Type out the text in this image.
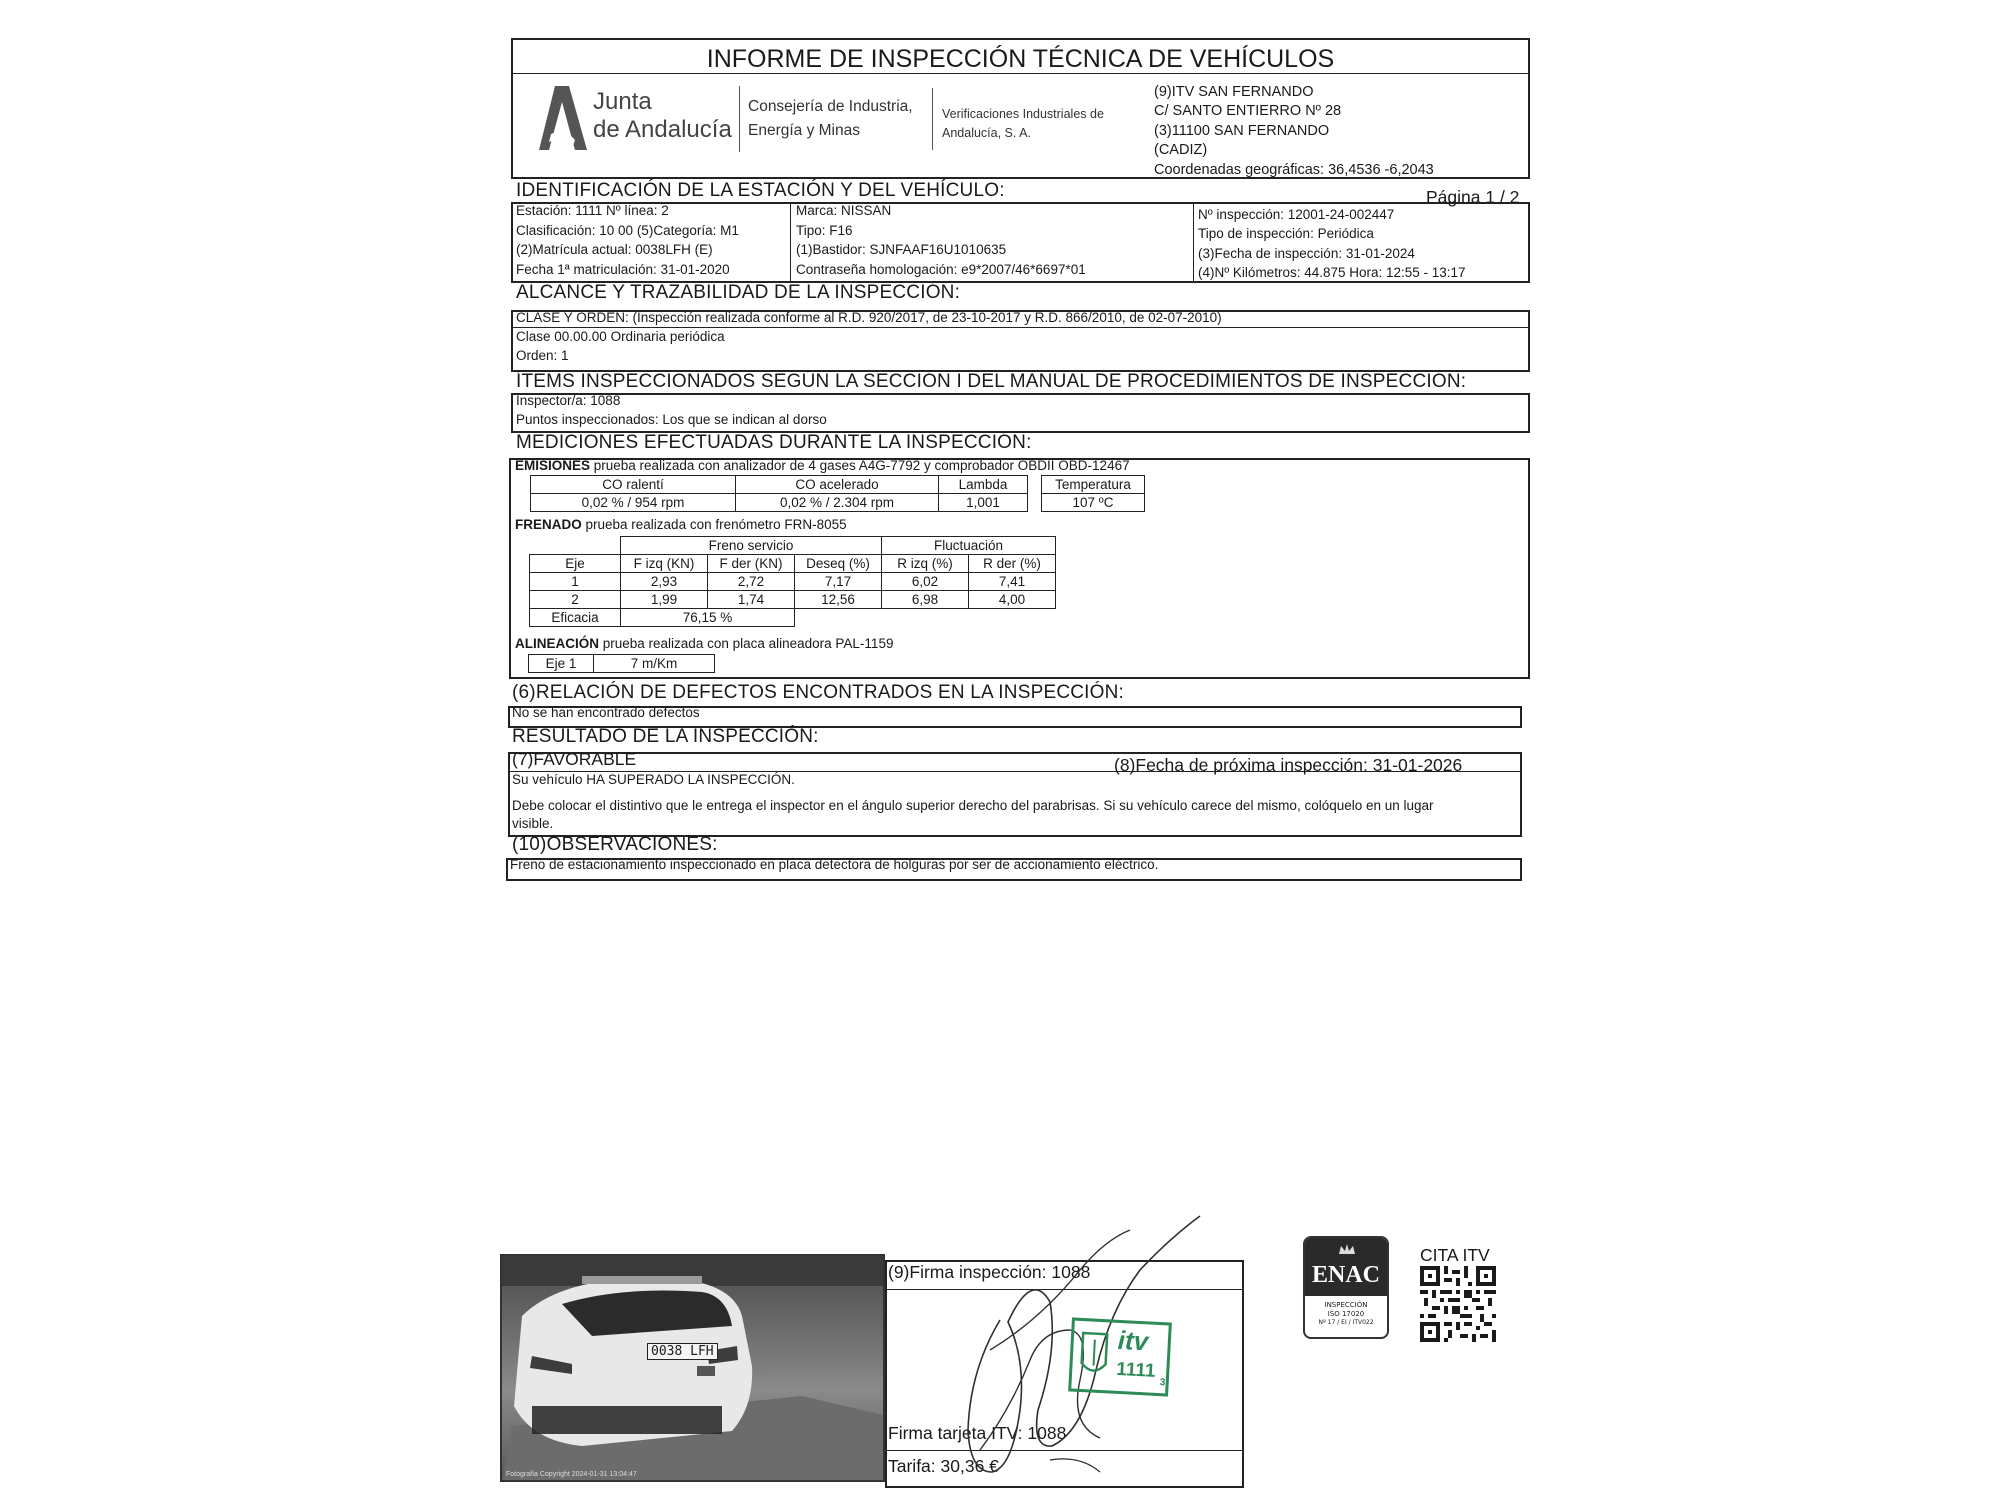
INFORME DE INSPECCIÓN TÉCNICA DE VEHÍCULOS
Junta
de Andalucía
Consejería de Industria,
Energía y Minas
Verificaciones Industriales de
Andalucía, S. A.
(9)ITV SAN FERNANDO
C/ SANTO ENTIERRO Nº 28
(3)11100 SAN FERNANDO
(CADIZ)
Coordenadas geográficas: 36,4536 -6,2043
IDENTIFICACIÓN DE LA ESTACIÓN Y DEL VEHÍCULO:	Página 1 / 2
Estación: 1111 Nº línea: 2
Clasificación: 10 00 (5)Categoría: M1
(2)Matrícula actual: 0038LFH (E)
Fecha 1ª matriculación: 31-01-2020
Marca: NISSAN
Tipo: F16
(1)Bastidor: SJNFAAF16U1010635
Contraseña homologación: e9*2007/46*6697*01
Nº inspección: 12001-24-002447
Tipo de inspección: Periódica
(3)Fecha de inspección: 31-01-2024
(4)Nº Kilómetros: 44.875 Hora: 12:55 - 13:17
ALCANCE Y TRAZABILIDAD DE LA INSPECCIÓN:
CLASE Y ORDEN: (Inspección realizada conforme al R.D. 920/2017, de 23-10-2017 y R.D. 866/2010, de 02-07-2010)
Clase 00.00.00 Ordinaria periódica
Orden: 1
ÍTEMS INSPECCIONADOS SEGÚN LA SECCIÓN I DEL MANUAL DE PROCEDIMIENTOS DE INSPECCIÓN:
Inspector/a: 1088
Puntos inspeccionados: Los que se indican al dorso
MEDICIONES EFECTUADAS DURANTE LA INSPECCIÓN:
EMISIONES prueba realizada con analizador de 4 gases A4G-7792 y comprobador OBDII OBD-12467
CO ralentí	CO acelerado	Lambda
0,02 % / 954 rpm	0,02 % / 2.304 rpm	1,001
Temperatura
107 ºC
FRENADO prueba realizada con frenómetro FRN-8055
	Freno servicio			Fluctuación	
Eje	F izq (KN)	F der (KN)	Deseq (%)	R izq (%)	R der (%)
1	2,93	2,72	7,17	6,02	7,41
2	1,99	1,74	12,56	6,98	4,00
Eficacia	76,15 %				
ALINEACIÓN prueba realizada con placa alineadora PAL-1159
Eje 1	7 m/Km
(6)RELACIÓN DE DEFECTOS ENCONTRADOS EN LA INSPECCIÓN:
No se han encontrado defectos
RESULTADO DE LA INSPECCIÓN:
(7)FAVORABLE	(8)Fecha de próxima inspección: 31-01-2026
Su vehículo HA SUPERADO LA INSPECCIÓN.
Debe colocar el distintivo que le entrega el inspector en el ángulo superior derecho del parabrisas. Si su vehículo carece del mismo, colóquelo en un lugar
visible.
(10)OBSERVACIONES:
Freno de estacionamiento inspeccionado en placa detectora de holguras por ser de accionamiento eléctrico.
0038 LFH
Fotografía Copyright 2024-01-31 13:04:47
(9)Firma inspección: 1088
Firma tarjeta ITV: 1088
Tarifa: 30,36 €
itv
1111
3
ENAC
INSPECCIÓN
ISO 17020
Nº 17 / EI / ITV022
CITA ITV
